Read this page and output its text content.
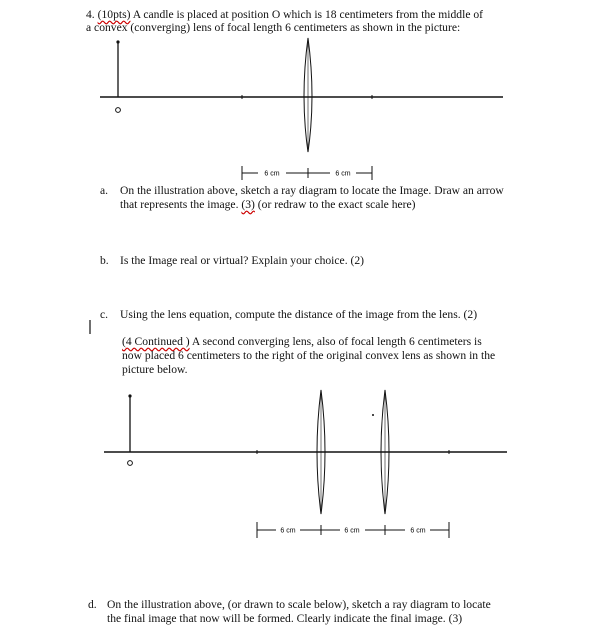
4. (10pts) A candle is placed at position O which is 18 centimeters from the middle of
a convex (converging) lens of focal length 6 centimeters as shown in the picture:
6 cm	6 cm
a. On the illustration above, sketch a ray diagram to locate the Image. Draw an arrow
that represents the image. (3) (or redraw to the exact scale here)
b. Is the Image real or virtual? Explain your choice. (2)
c. Using the lens equation, compute the distance of the image from the lens. (2)
(4 Continued ) A second converging lens, also of focal length 6 centimeters is
now placed 6 centimeters to the right of the original convex lens as shown in the
picture below.
6 cm	6 cm	6 cm
d. On the illustration above, (or drawn to scale below), sketch a ray diagram to locate
the final image that now will be formed. Clearly indicate the final image. (3)
